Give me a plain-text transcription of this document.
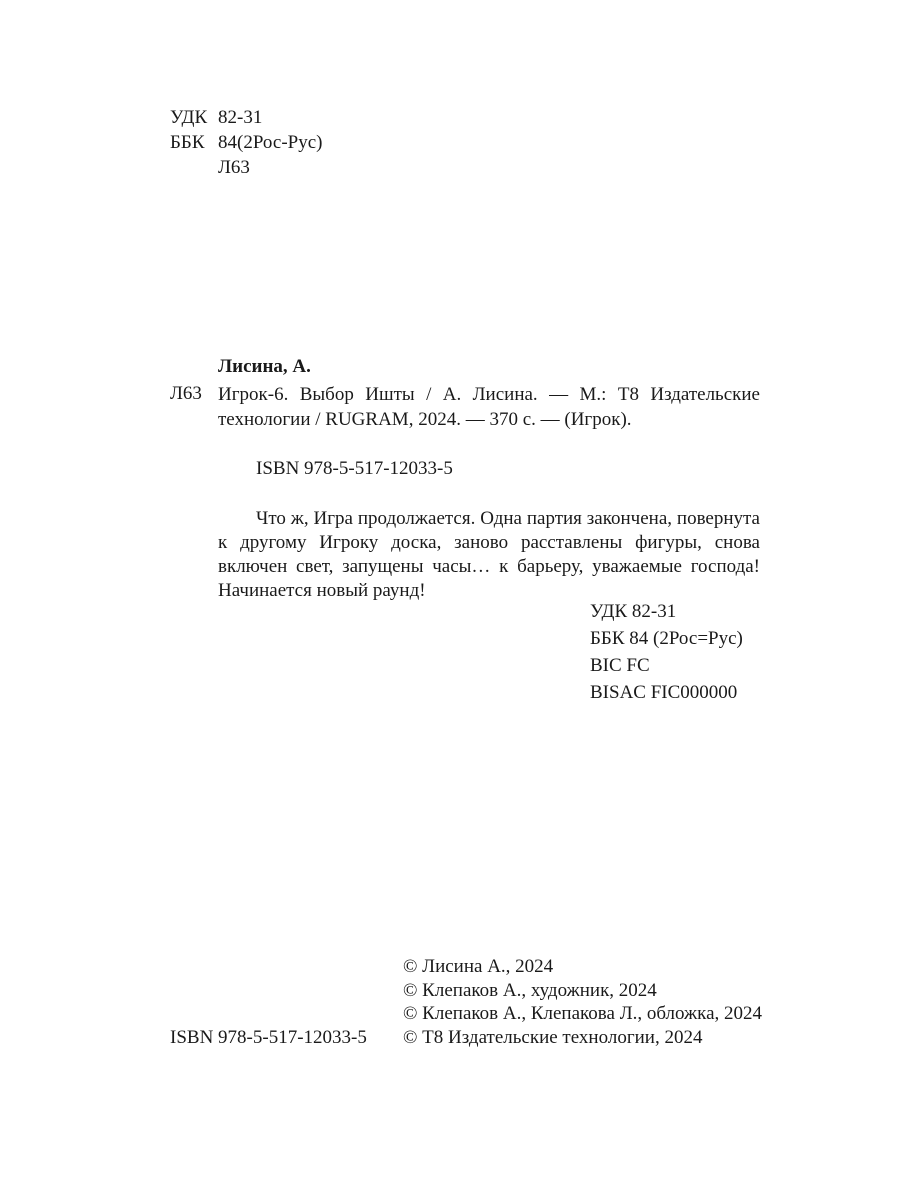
УДК 82-31
ББК 84(2Рос-Рус)
Л63
Лисина, А.
Л63 Игрок-6. Выбор Ишты / А. Лисина. — М.: Т8 Издательские технологии / RUGRAM, 2024. — 370 с. — (Игрок).
ISBN 978-5-517-12033-5
Что ж, Игра продолжается. Одна партия закончена, повернута к другому Игроку доска, заново расставлены фигуры, снова включен свет, запущены часы… к барьеру, уважаемые господа! Начинается новый раунд!
УДК 82-31
ББК 84 (2Рос=Рус)
BIC FC
BISAC FIC000000
© Лисина А., 2024
© Клепаков А., художник, 2024
© Клепаков А., Клепакова Л., обложка, 2024
© Т8 Издательские технологии, 2024
ISBN 978-5-517-12033-5
